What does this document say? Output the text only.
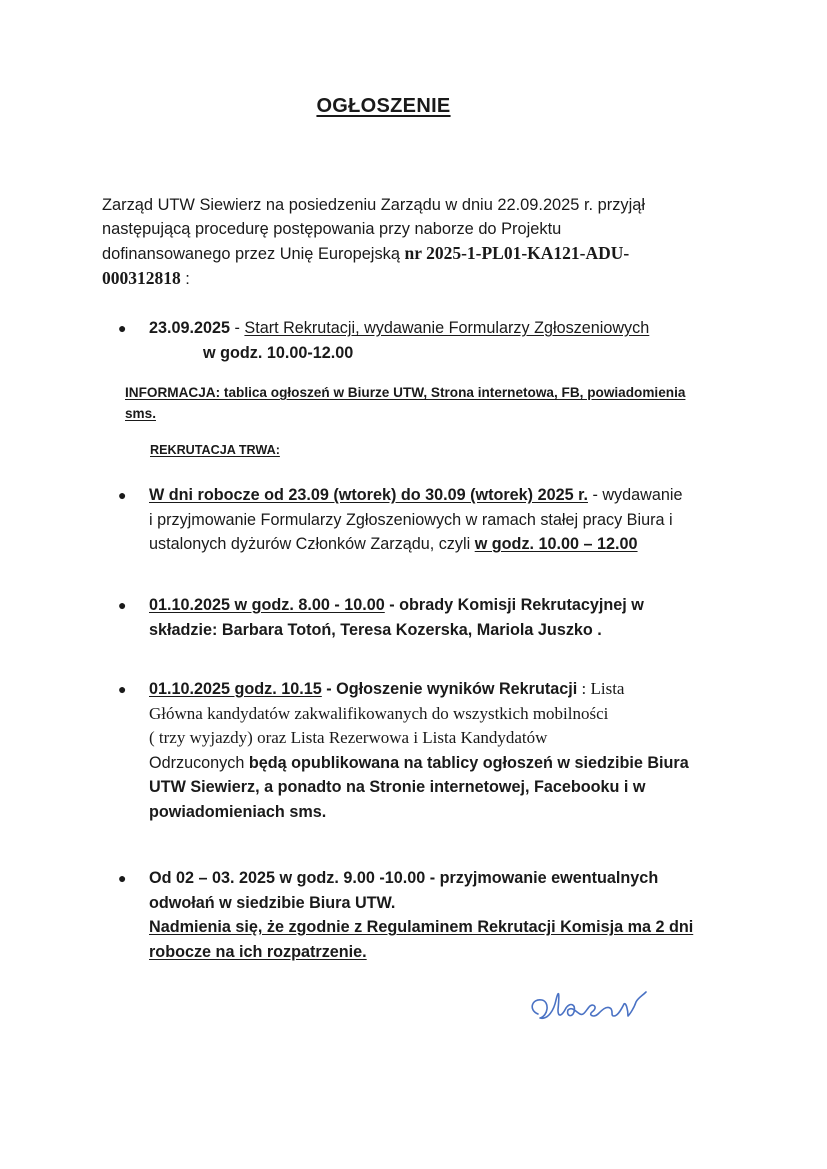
OGŁOSZENIE
Zarząd UTW Siewierz na posiedzeniu Zarządu w dniu 22.09.2025 r. przyjął
następującą procedurę postępowania przy naborze do Projektu
dofinansowanego przez Unię Europejską nr 2025-1-PL01-KA121-ADU-
000312818 :
● 23.09.2025 - Start Rekrutacji, wydawanie Formularzy Zgłoszeniowych
w godz. 10.00-12.00
INFORMACJA: tablica ogłoszeń w Biurze UTW, Strona internetowa, FB, powiadomienia
sms.
REKRUTACJA TRWA:
● W dni robocze od 23.09 (wtorek) do 30.09 (wtorek) 2025 r. - wydawanie
i przyjmowanie Formularzy Zgłoszeniowych w ramach stałej pracy Biura i
ustalonych dyżurów Członków Zarządu, czyli w godz. 10.00 – 12.00
● 01.10.2025 w godz. 8.00 - 10.00 - obrady Komisji Rekrutacyjnej w
składzie: Barbara Totoń, Teresa Kozerska, Mariola Juszko .
● 01.10.2025 godz. 10.15 - Ogłoszenie wyników Rekrutacji : Lista
Główna kandydatów zakwalifikowanych do wszystkich mobilności
( trzy wyjazdy) oraz Lista Rezerwowa i Lista Kandydatów
Odrzuconych będą opublikowana na tablicy ogłoszeń w siedzibie Biura
UTW Siewierz, a ponadto na Stronie internetowej, Facebooku i w
powiadomieniach sms.
● Od 02 – 03. 2025 w godz. 9.00 -10.00 - przyjmowanie ewentualnych
odwołań w siedzibie Biura UTW.
Nadmienia się, że zgodnie z Regulaminem Rekrutacji Komisja ma 2 dni
robocze na ich rozpatrzenie.
